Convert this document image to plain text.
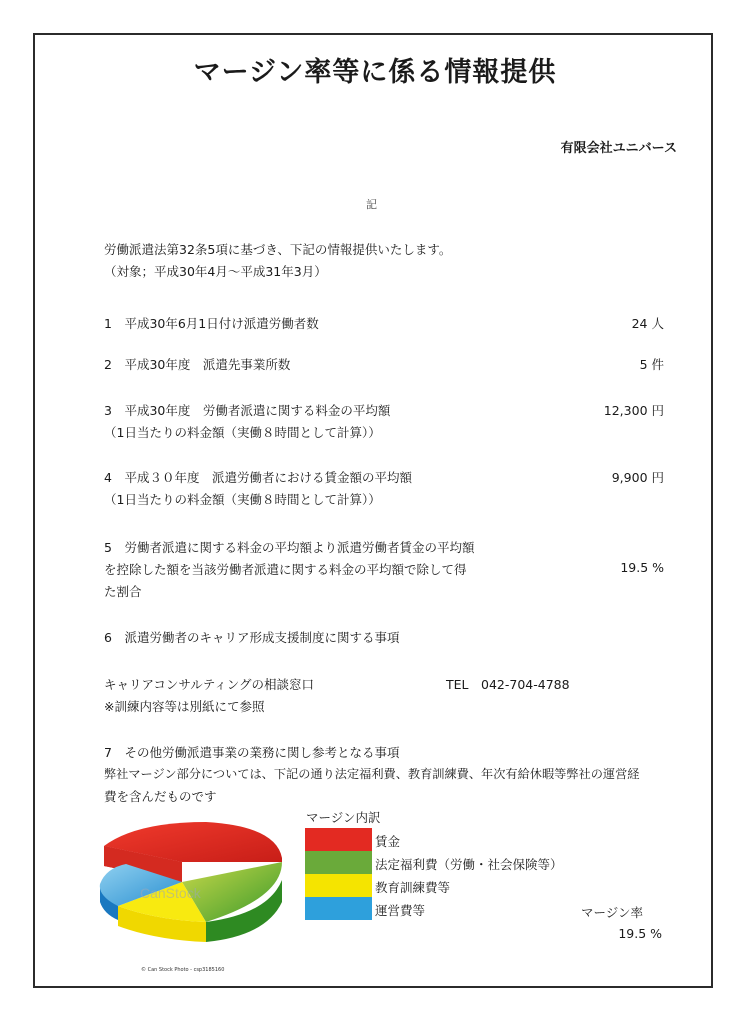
マージン率等に係る情報提供
有限会社ユニバース
記
労働派遣法第32条5項に基づき、下記の情報提供いたします。
（対象；平成30年4月～平成31年3月）
1　平成30年6月1日付け派遣労働者数	24 人
2　平成30年度　派遣先事業所数	5 件
3　平成30年度　労働者派遣に関する料金の平均額
（1日当たりの料金額（実働８時間として計算））
12,300 円
4　平成３０年度　派遣労働者における賃金額の平均額
（1日当たりの料金額（実働８時間として計算））
9,900 円
5　労働者派遣に関する料金の平均額より派遣労働者賃金の平均額
を控除した額を当該労働者派遣に関する料金の平均額で除して得
た割合
19.5 %
6　派遣労働者のキャリア形成支援制度に関する事項
キャリアコンサルティングの相談窓口	TEL　042-704-4788
※訓練内容等は別紙にて参照
7　その他労働派遣事業の業務に関し参考となる事項
弊社マージン部分については、下記の通り法定福利費、教育訓練費、年次有給休暇等弊社の運営経
費を含んだものです
CanStock
© Can Stock Photo - csp3185160
マージン内訳
賃金
法定福利費（労働・社会保険等）
教育訓練費等
運営費等	マージン率
19.5 %
